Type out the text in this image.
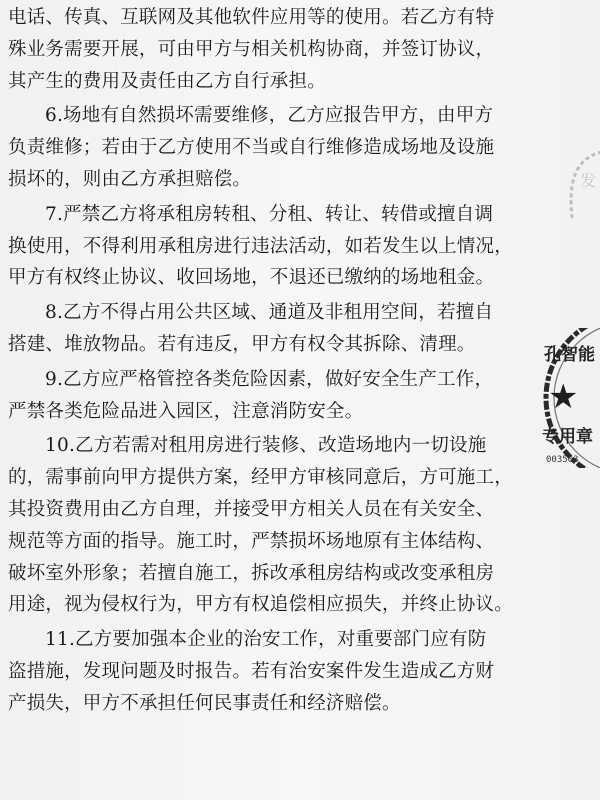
电话、传真、互联网及其他软件应用等的使用。若乙方有特
殊业务需要开展，可由甲方与相关机构协商，并签订协议，
其产生的费用及责任由乙方自行承担。
6.场地有自然损坏需要维修，乙方应报告甲方，由甲方
负责维修；若由于乙方使用不当或自行维修造成场地及设施
损坏的，则由乙方承担赔偿。
7.严禁乙方将承租房转租、分租、转让、转借或擅自调
换使用，不得利用承租房进行违法活动，如若发生以上情况，
甲方有权终止协议、收回场地，不退还已缴纳的场地租金。
8.乙方不得占用公共区域、通道及非租用空间，若擅自
搭建、堆放物品。若有违反，甲方有权令其拆除、清理。
9.乙方应严格管控各类危险因素，做好安全生产工作，
严禁各类危险品进入园区，注意消防安全。
10.乙方若需对租用房进行装修、改造场地内一切设施
的，需事前向甲方提供方案，经甲方审核同意后，方可施工，
其投资费用由乙方自理，并接受甲方相关人员在有关安全、
规范等方面的指导。施工时，严禁损坏场地原有主体结构、
破坏室外形象；若擅自施工，拆改承租房结构或改变承租房
用途，视为侵权行为，甲方有权追偿相应损失，并终止协议。
11.乙方要加强本企业的治安工作，对重要部门应有防
盗措施，发现问题及时报告。若有治安案件发生造成乙方财
产损失，甲方不承担任何民事责任和经济赔偿。
发
孔智能
★
专用章
003503
